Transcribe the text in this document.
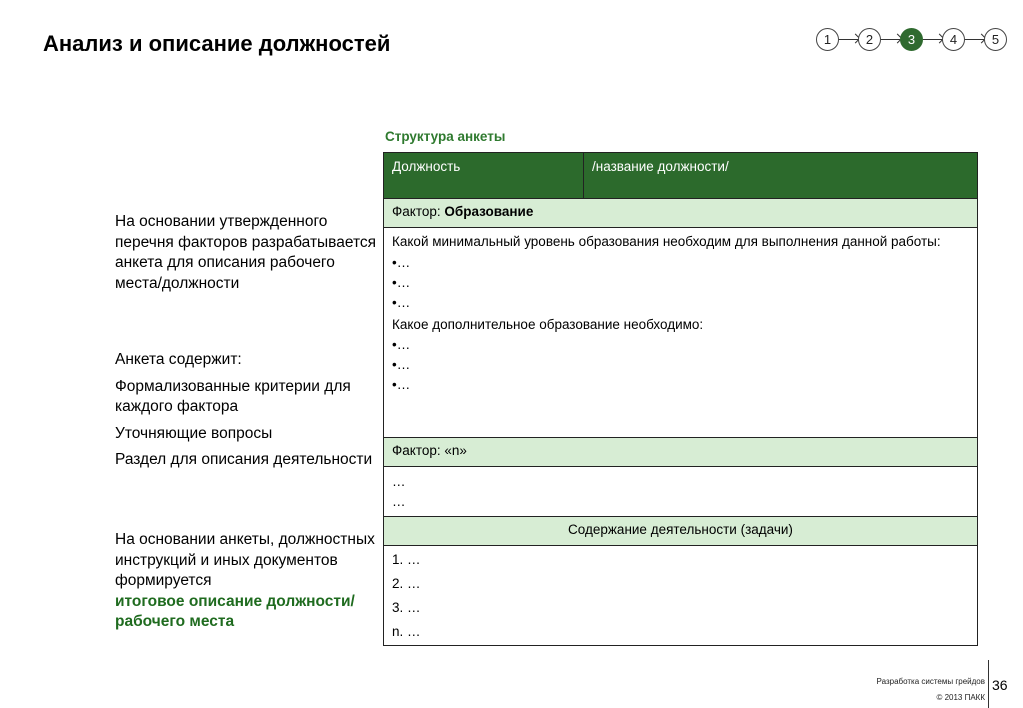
Анализ и описание должностей	1	2	3	4	5

На основании утвержденного перечня факторов разрабатывается анкета для описания рабочего места/должности

Анкета содержит:

Формализованные критерии для каждого фактора

Уточняющие вопросы

Раздел для описания деятельности

На основании анкеты, должностных инструкций и иных документов формируется

итоговое описание должности/рабочего места

Структура анкеты
Должность	/название должности/
Фактор: Образование
Какой минимальный уровень образования необходим для выполнения данной работы:
•…
•…
•…
Какое дополнительное образование необходимо:
•…
•…
•…
Фактор: «n»
…
…
Содержание деятельности (задачи)
1. …
2. …
3. …
n. …
Разработка системы грейдов
© 2013 ПАКК
36
